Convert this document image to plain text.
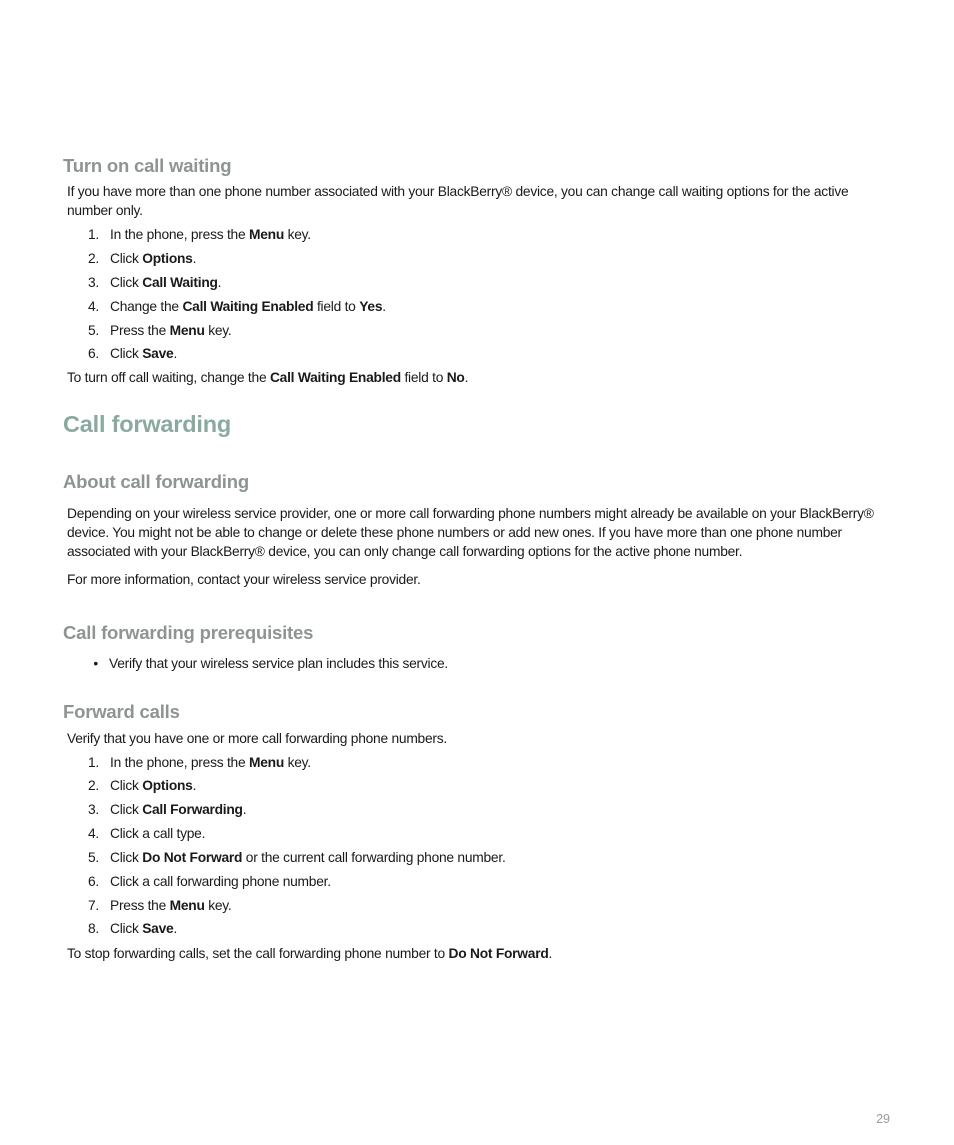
Turn on call waiting

If you have more than one phone number associated with your BlackBerry® device, you can change call waiting options for the active number only.

1. In the phone, press the Menu key.
2. Click Options.
3. Click Call Waiting.
4. Change the Call Waiting Enabled field to Yes.
5. Press the Menu key.
6. Click Save.
To turn off call waiting, change the Call Waiting Enabled field to No.
Call forwarding
About call forwarding

Depending on your wireless service provider, one or more call forwarding phone numbers might already be available on your BlackBerry® device. You might not be able to change or delete these phone numbers or add new ones. If you have more than one phone number associated with your BlackBerry® device, you can only change call forwarding options for the active phone number.

For more information, contact your wireless service provider.

Call forwarding prerequisites
• Verify that your wireless service plan includes this service.
Forward calls

Verify that you have one or more call forwarding phone numbers.

1. In the phone, press the Menu key.
2. Click Options.
3. Click Call Forwarding.
4. Click a call type.
5. Click Do Not Forward or the current call forwarding phone number.
6. Click a call forwarding phone number.
7. Press the Menu key.
8. Click Save.
To stop forwarding calls, set the call forwarding phone number to Do Not Forward.
29
